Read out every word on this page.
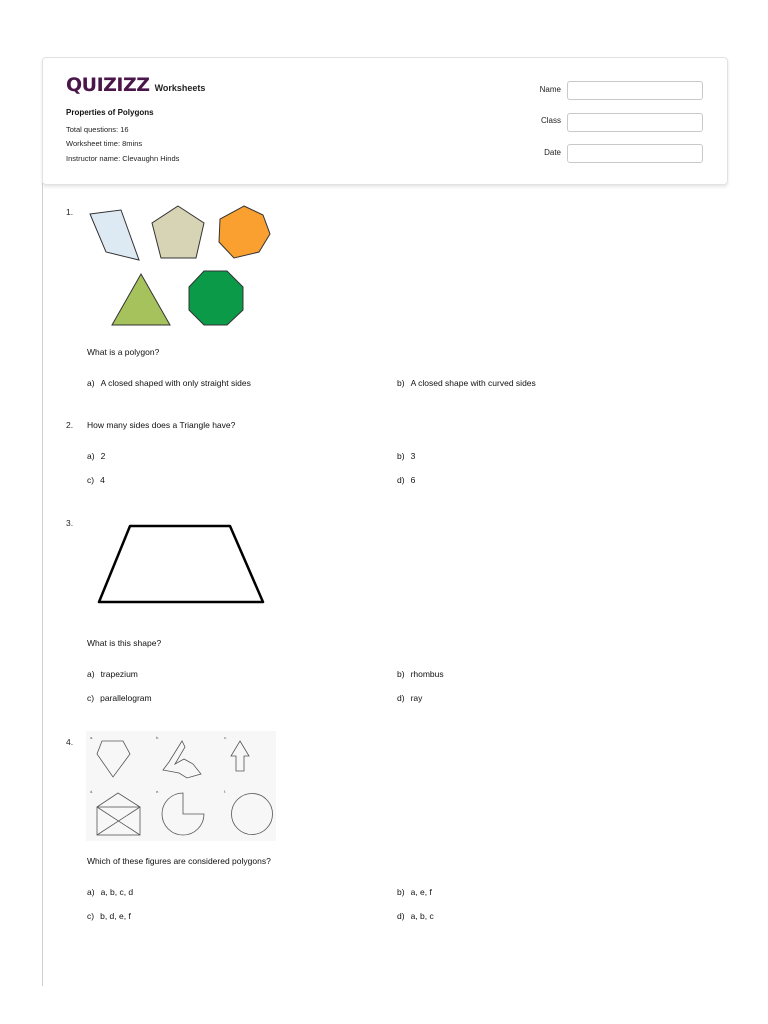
QUIZIZZ Worksheets
Properties of Polygons
Total questions: 16
Worksheet time: 8mins
Instructor name: Clevaughn Hinds
Name
Class
Date
1.
What is a polygon?
a) A closed shaped with only straight sides	b) A closed shape with curved sides
2. How many sides does a Triangle have?
a) 2	b) 3
c) 4	d) 6
3.
What is this shape?
a) trapezium	b) rhombus
c) parallelogram	d) ray
4.	a.	b.	c.
d.	e.	f.
Which of these figures are considered polygons?
a) a, b, c, d	b) a, e, f
c) b, d, e, f	d) a, b, c
